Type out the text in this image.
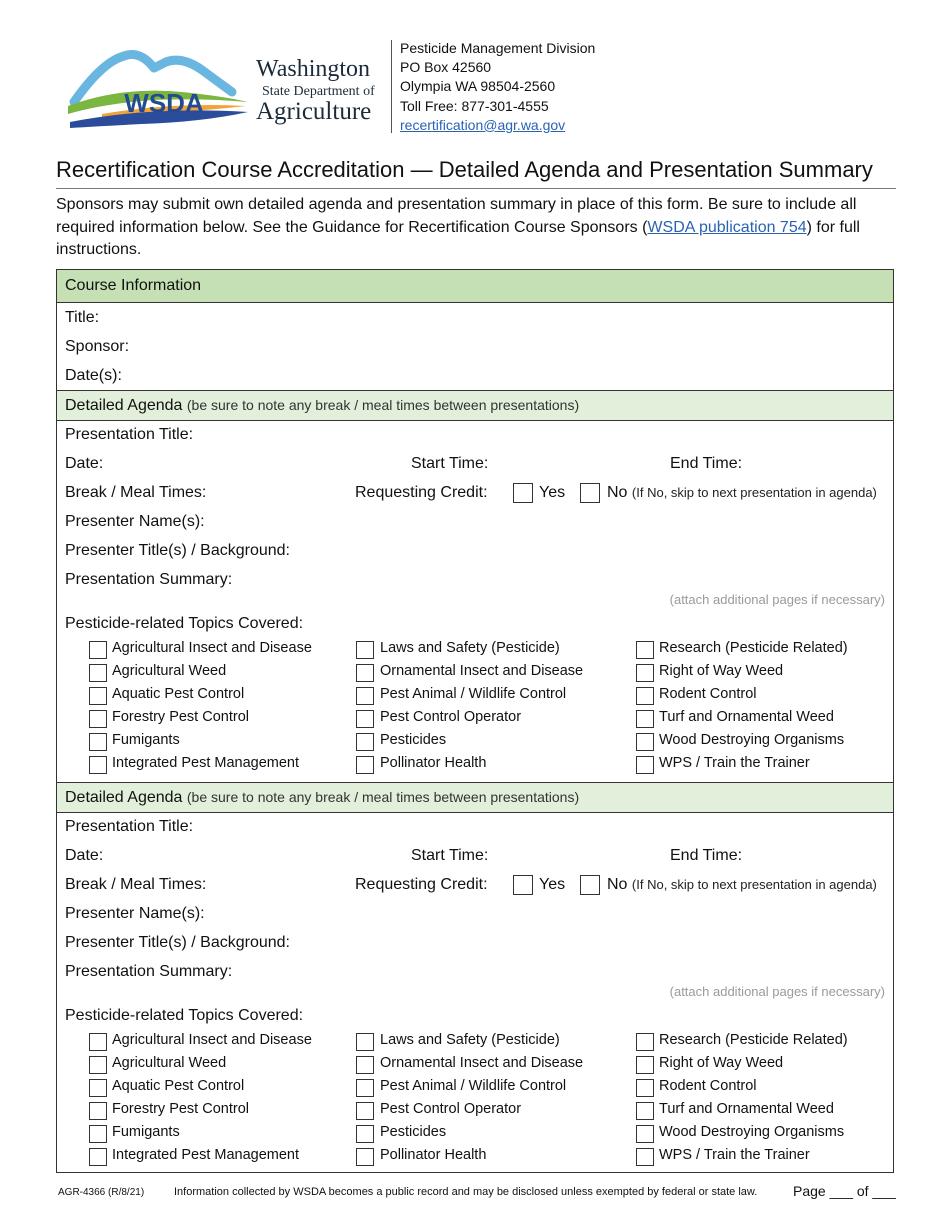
WSDA
Washington
State Department of
Agriculture
Pesticide Management Division
PO Box 42560
Olympia WA 98504-2560
Toll Free: 877-301-4555
recertification@agr.wa.gov
Recertification Course Accreditation — Detailed Agenda and Presentation Summary
Sponsors may submit own detailed agenda and presentation summary in place of this form. Be sure to include all required information below. See the Guidance for Recertification Course Sponsors (WSDA publication 754) for full instructions.
Course Information
Title:
Sponsor:
Date(s):
Detailed Agenda (be sure to note any break / meal times between presentations)
Presentation Title:
Date:	Start Time:	End Time:
Break / Meal Times:	Requesting Credit:	Yes	No (If No, skip to next presentation in agenda)
Presenter Name(s):
Presenter Title(s) / Background:
Presentation Summary:
(attach additional pages if necessary)
Pesticide-related Topics Covered:
Agricultural Insect and Disease
Agricultural Weed
Aquatic Pest Control
Forestry Pest Control
Fumigants
Integrated Pest Management
Laws and Safety (Pesticide)
Ornamental Insect and Disease
Pest Animal / Wildlife Control
Pest Control Operator
Pesticides
Pollinator Health
Research (Pesticide Related)
Right of Way Weed
Rodent Control
Turf and Ornamental Weed
Wood Destroying Organisms
WPS / Train the Trainer
Detailed Agenda (be sure to note any break / meal times between presentations)
Presentation Title:
Date:	Start Time:	End Time:
Break / Meal Times:	Requesting Credit:	Yes	No (If No, skip to next presentation in agenda)
Presenter Name(s):
Presenter Title(s) / Background:
Presentation Summary:
(attach additional pages if necessary)
Pesticide-related Topics Covered:
Agricultural Insect and Disease
Agricultural Weed
Aquatic Pest Control
Forestry Pest Control
Fumigants
Integrated Pest Management
Laws and Safety (Pesticide)
Ornamental Insect and Disease
Pest Animal / Wildlife Control
Pest Control Operator
Pesticides
Pollinator Health
Research (Pesticide Related)
Right of Way Weed
Rodent Control
Turf and Ornamental Weed
Wood Destroying Organisms
WPS / Train the Trainer
AGR-4366 (R/8/21)	Information collected by WSDA becomes a public record and may be disclosed unless exempted by federal or state law.	Page ___ of ___
